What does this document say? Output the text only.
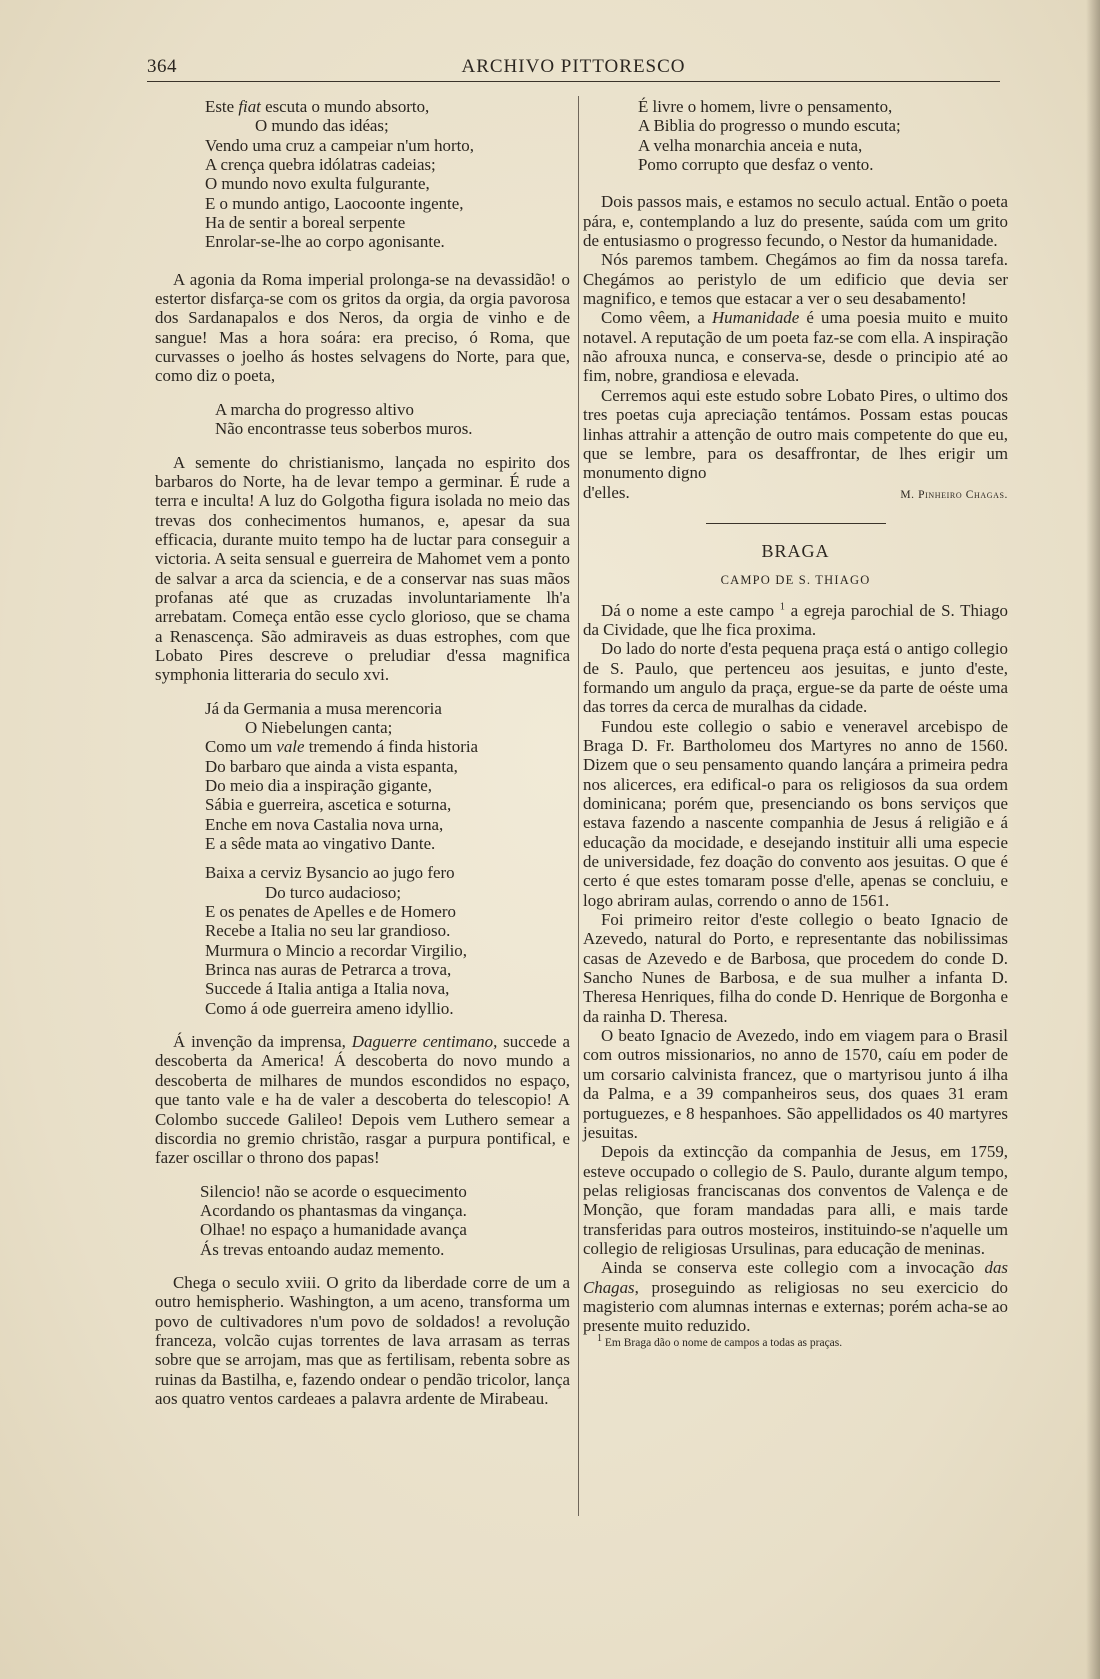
364	ARCHIVO PITTORESCO
Este fiat escuta o mundo absorto,
O mundo das idéas;
Vendo uma cruz a campeiar n'um horto,
A crença quebra idólatras cadeias;
O mundo novo exulta fulgurante,
E o mundo antigo, Laocoonte ingente,
Ha de sentir a boreal serpente
Enrolar-se-lhe ao corpo agonisante.

A agonia da Roma imperial prolonga-se na devassidão! o estertor disfarça-se com os gritos da orgia, da orgia pavorosa dos Sardanapalos e dos Neros, da orgia de vinho e de sangue! Mas a hora soára: era preciso, ó Roma, que curvasses o joelho ás hostes selvagens do Norte, para que, como diz o poeta,

A marcha do progresso altivo
Não encontrasse teus soberbos muros.

A semente do christianismo, lançada no espirito dos barbaros do Norte, ha de levar tempo a germinar. É rude a terra e inculta! A luz do Golgotha figura isolada no meio das trevas dos conhecimentos humanos, e, apesar da sua efficacia, durante muito tempo ha de luctar para conseguir a victoria. A seita sensual e guerreira de Mahomet vem a ponto de salvar a arca da sciencia, e de a conservar nas suas mãos profanas até que as cruzadas involuntariamente lh'a arrebatam. Começa então esse cyclo glorioso, que se chama a Renascença. São admiraveis as duas estrophes, com que Lobato Pires descreve o preludiar d'essa magnifica symphonia litteraria do seculo xvi.

Já da Germania a musa merencoria
O Niebelungen canta;
Como um vale tremendo á finda historia
Do barbaro que ainda a vista espanta,
Do meio dia a inspiração gigante,
Sábia e guerreira, ascetica e soturna,
Enche em nova Castalia nova urna,
E a sêde mata ao vingativo Dante.
Baixa a cerviz Bysancio ao jugo fero
Do turco audacioso;
E os penates de Apelles e de Homero
Recebe a Italia no seu lar grandioso.
Murmura o Mincio a recordar Virgilio,
Brinca nas auras de Petrarca a trova,
Succede á Italia antiga a Italia nova,
Como á ode guerreira ameno idyllio.

Á invenção da imprensa, Daguerre centimano, succede a descoberta da America! Á descoberta do novo mundo a descoberta de milhares de mundos escondidos no espaço, que tanto vale e ha de valer a descoberta do telescopio! A Colombo succede Galileo! Depois vem Luthero semear a discordia no gremio christão, rasgar a purpura pontifical, e fazer oscillar o throno dos papas!

Silencio! não se acorde o esquecimento
Acordando os phantasmas da vingança.
Olhae! no espaço a humanidade avança
Ás trevas entoando audaz memento.

Chega o seculo xviii. O grito da liberdade corre de um a outro hemispherio. Washington, a um aceno, transforma um povo de cultivadores n'um povo de soldados! a revolução franceza, volcão cujas torrentes de lava arrasam as terras sobre que se arrojam, mas que as fertilisam, rebenta sobre as ruinas da Bastilha, e, fazendo ondear o pendão tricolor, lança aos quatro ventos cardeaes a palavra ardente de Mirabeau.

É livre o homem, livre o pensamento,
A Biblia do progresso o mundo escuta;
A velha monarchia anceia e nuta,
Pomo corrupto que desfaz o vento.

Dois passos mais, e estamos no seculo actual. Então o poeta pára, e, contemplando a luz do presente, saúda com um grito de entusiasmo o progresso fecundo, o Nestor da humanidade.

Nós paremos tambem. Chegámos ao fim da nossa tarefa. Chegámos ao peristylo de um edificio que devia ser magnifico, e temos que estacar a ver o seu desabamento!

Como vêem, a Humanidade é uma poesia muito e muito notavel. A reputação de um poeta faz-se com ella. A inspiração não afrouxa nunca, e conserva-se, desde o principio até ao fim, nobre, grandiosa e elevada.

Cerremos aqui este estudo sobre Lobato Pires, o ultimo dos tres poetas cuja apreciação tentámos. Possam estas poucas linhas attrahir a attenção de outro mais competente do que eu, que se lembre, para os desaffrontar, de lhes erigir um monumento digno

d'elles.	M. Pinheiro Chagas.
BRAGA
CAMPO DE S. THIAGO

Dá o nome a este campo $^1$ a egreja parochial de S. Thiago da Cividade, que lhe fica proxima.

Do lado do norte d'esta pequena praça está o antigo collegio de S. Paulo, que pertenceu aos jesuitas, e junto d'este, formando um angulo da praça, ergue-se da parte de oéste uma das torres da cerca de muralhas da cidade.

Fundou este collegio o sabio e veneravel arcebispo de Braga D. Fr. Bartholomeu dos Martyres no anno de 1560. Dizem que o seu pensamento quando lançára a primeira pedra nos alicerces, era edifical-o para os religiosos da sua ordem dominicana; porém que, presenciando os bons serviços que estava fazendo a nascente companhia de Jesus á religião e á educação da mocidade, e desejando instituir alli uma especie de universidade, fez doação do convento aos jesuitas. O que é certo é que estes tomaram posse d'elle, apenas se concluiu, e logo abriram aulas, correndo o anno de 1561.

Foi primeiro reitor d'este collegio o beato Ignacio de Azevedo, natural do Porto, e representante das nobilissimas casas de Azevedo e de Barbosa, que procedem do conde D. Sancho Nunes de Barbosa, e de sua mulher a infanta D. Theresa Henriques, filha do conde D. Henrique de Borgonha e da rainha D. Theresa.

O beato Ignacio de Avezedo, indo em viagem para o Brasil com outros missionarios, no anno de 1570, caíu em poder de um corsario calvinista francez, que o martyrisou junto á ilha da Palma, e a 39 companheiros seus, dos quaes 31 eram portuguezes, e 8 hespanhoes. São appellidados os 40 martyres jesuitas.

Depois da extincção da companhia de Jesus, em 1759, esteve occupado o collegio de S. Paulo, durante algum tempo, pelas religiosas franciscanas dos conventos de Valença e de Monção, que foram mandadas para alli, e mais tarde transferidas para outros mosteiros, instituindo-se n'aquelle um collegio de religiosas Ursulinas, para educação de meninas.

Ainda se conserva este collegio com a invocação das Chagas, proseguindo as religiosas no seu exercicio do magisterio com alumnas internas e externas; porém acha-se ao presente muito reduzido.

$^1$ Em Braga dão o nome de campos a todas as praças.
